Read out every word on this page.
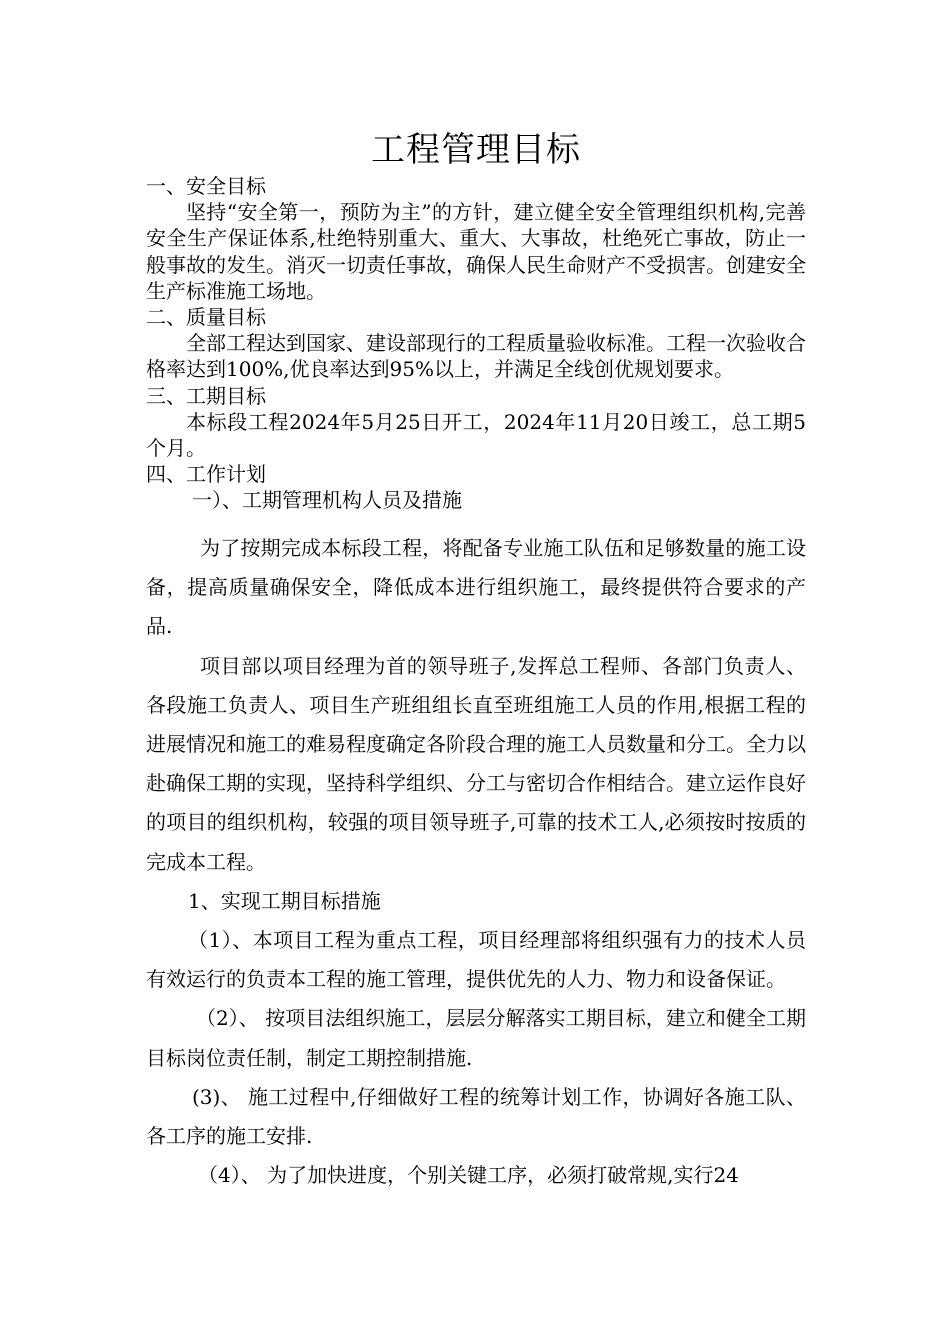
工程管理目标

一、安全目标

坚持“安全第一，预防为主”的方针，建立健全安全管理组织机构,完善安全生产保证体系,杜绝特别重大、重大、大事故，杜绝死亡事故，防止一般事故的发生。消灭一切责任事故，确保人民生命财产不受损害。创建安全生产标准施工场地。

二、质量目标

全部工程达到国家、建设部现行的工程质量验收标准。工程一次验收合格率达到100%,优良率达到95%以上，并满足全线创优规划要求。

三、工期目标

本标段工程2024年5月25日开工，2024年11月20日竣工，总工期5个月。

四、工作计划

一）、工期管理机构人员及措施

为了按期完成本标段工程，将配备专业施工队伍和足够数量的施工设备，提高质量确保安全，降低成本进行组织施工，最终提供符合要求的产品.

项目部以项目经理为首的领导班子,发挥总工程师、各部门负责人、各段施工负责人、项目生产班组组长直至班组施工人员的作用,根据工程的进展情况和施工的难易程度确定各阶段合理的施工人员数量和分工。全力以赴确保工期的实现，坚持科学组织、分工与密切合作相结合。建立运作良好的项目的组织机构，较强的项目领导班子,可靠的技术工人,必须按时按质的完成本工程。

1、实现工期目标措施

（1）、本项目工程为重点工程，项目经理部将组织强有力的技术人员有效运行的负责本工程的施工管理，提供优先的人力、物力和设备保证。

（2）、 按项目法组织施工，层层分解落实工期目标，建立和健全工期目标岗位责任制，制定工期控制措施.

(3)、 施工过程中,仔细做好工程的统筹计划工作，协调好各施工队、各工序的施工安排.

（4）、 为了加快进度，个别关键工序，必须打破常规,实行24
